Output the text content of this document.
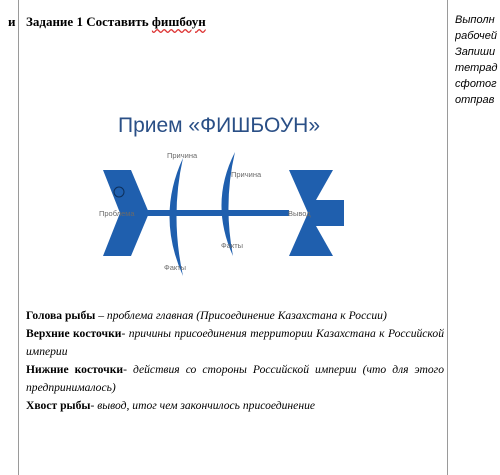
и Задание 1 Составить фишбоун	Выполн
рабочей
Запиши
тетрад
сфотог
отправ
Прием «ФИШБОУН»
Проблема	Вывод
Причина
Причина
Факты
Факты

Голова рыбы – проблема главная (Присоединение Казахстана к России)

Верхние косточки- причины присоединения территории Казахстана к Российской империи

Нижние косточки- действия со стороны Российской империи (что для этого предпринималось)

Хвост рыбы- вывод, итог чем закончилось присоединение
